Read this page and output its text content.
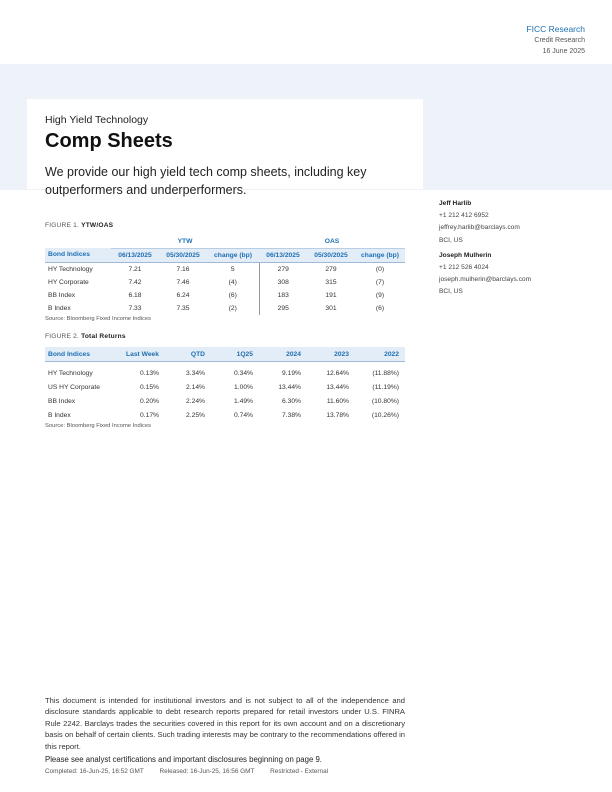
FICC Research
Credit Research
16 June 2025
High Yield Technology
Comp Sheets
We provide our high yield tech comp sheets, including key outperformers and underperformers.
FIGURE 1. YTW/OAS
	YTW			OAS		
Bond Indices	06/13/2025	05/30/2025	change (bp)	06/13/2025	05/30/2025	change (bp)
HY Technology	7.21	7.16	5	279	279	(0)
HY Corporate	7.42	7.46	(4)	308	315	(7)
BB Index	6.18	6.24	(6)	183	191	(9)
B Index	7.33	7.35	(2)	295	301	(6)
Source: Bloomberg Fixed Income Indices
FIGURE 2. Total Returns
Bond Indices	Last Week	QTD	1Q25	2024	2023	2022

HY Technology	0.13%	3.34%	0.34%	9.19%	12.64%	(11.88%)
US HY Corporate	0.15%	2.14%	1.00%	13.44%	13.44%	(11.19%)
BB Index	0.20%	2.24%	1.49%	6.30%	11.60%	(10.80%)
B Index	0.17%	2.25%	0.74%	7.38%	13.78%	(10.26%)
Source: Bloomberg Fixed Income Indices
Jeff Harlib
+1 212 412 6952
jeffrey.harlib@barclays.com
BCI, US
Joseph Mulherin
+1 212 526 4024
joseph.mulherin@barclays.com
BCI, US
This document is intended for institutional investors and is not subject to all of the independence and disclosure standards applicable to debt research reports prepared for retail investors under U.S. FINRA Rule 2242. Barclays trades the securities covered in this report for its own account and on a discretionary basis on behalf of certain clients. Such trading interests may be contrary to the recommendations offered in this report.
Please see analyst certifications and important disclosures beginning on page 9.
Completed: 16-Jun-25, 16:52 GMT Released: 16-Jun-25, 16:56 GMT Restricted - External
